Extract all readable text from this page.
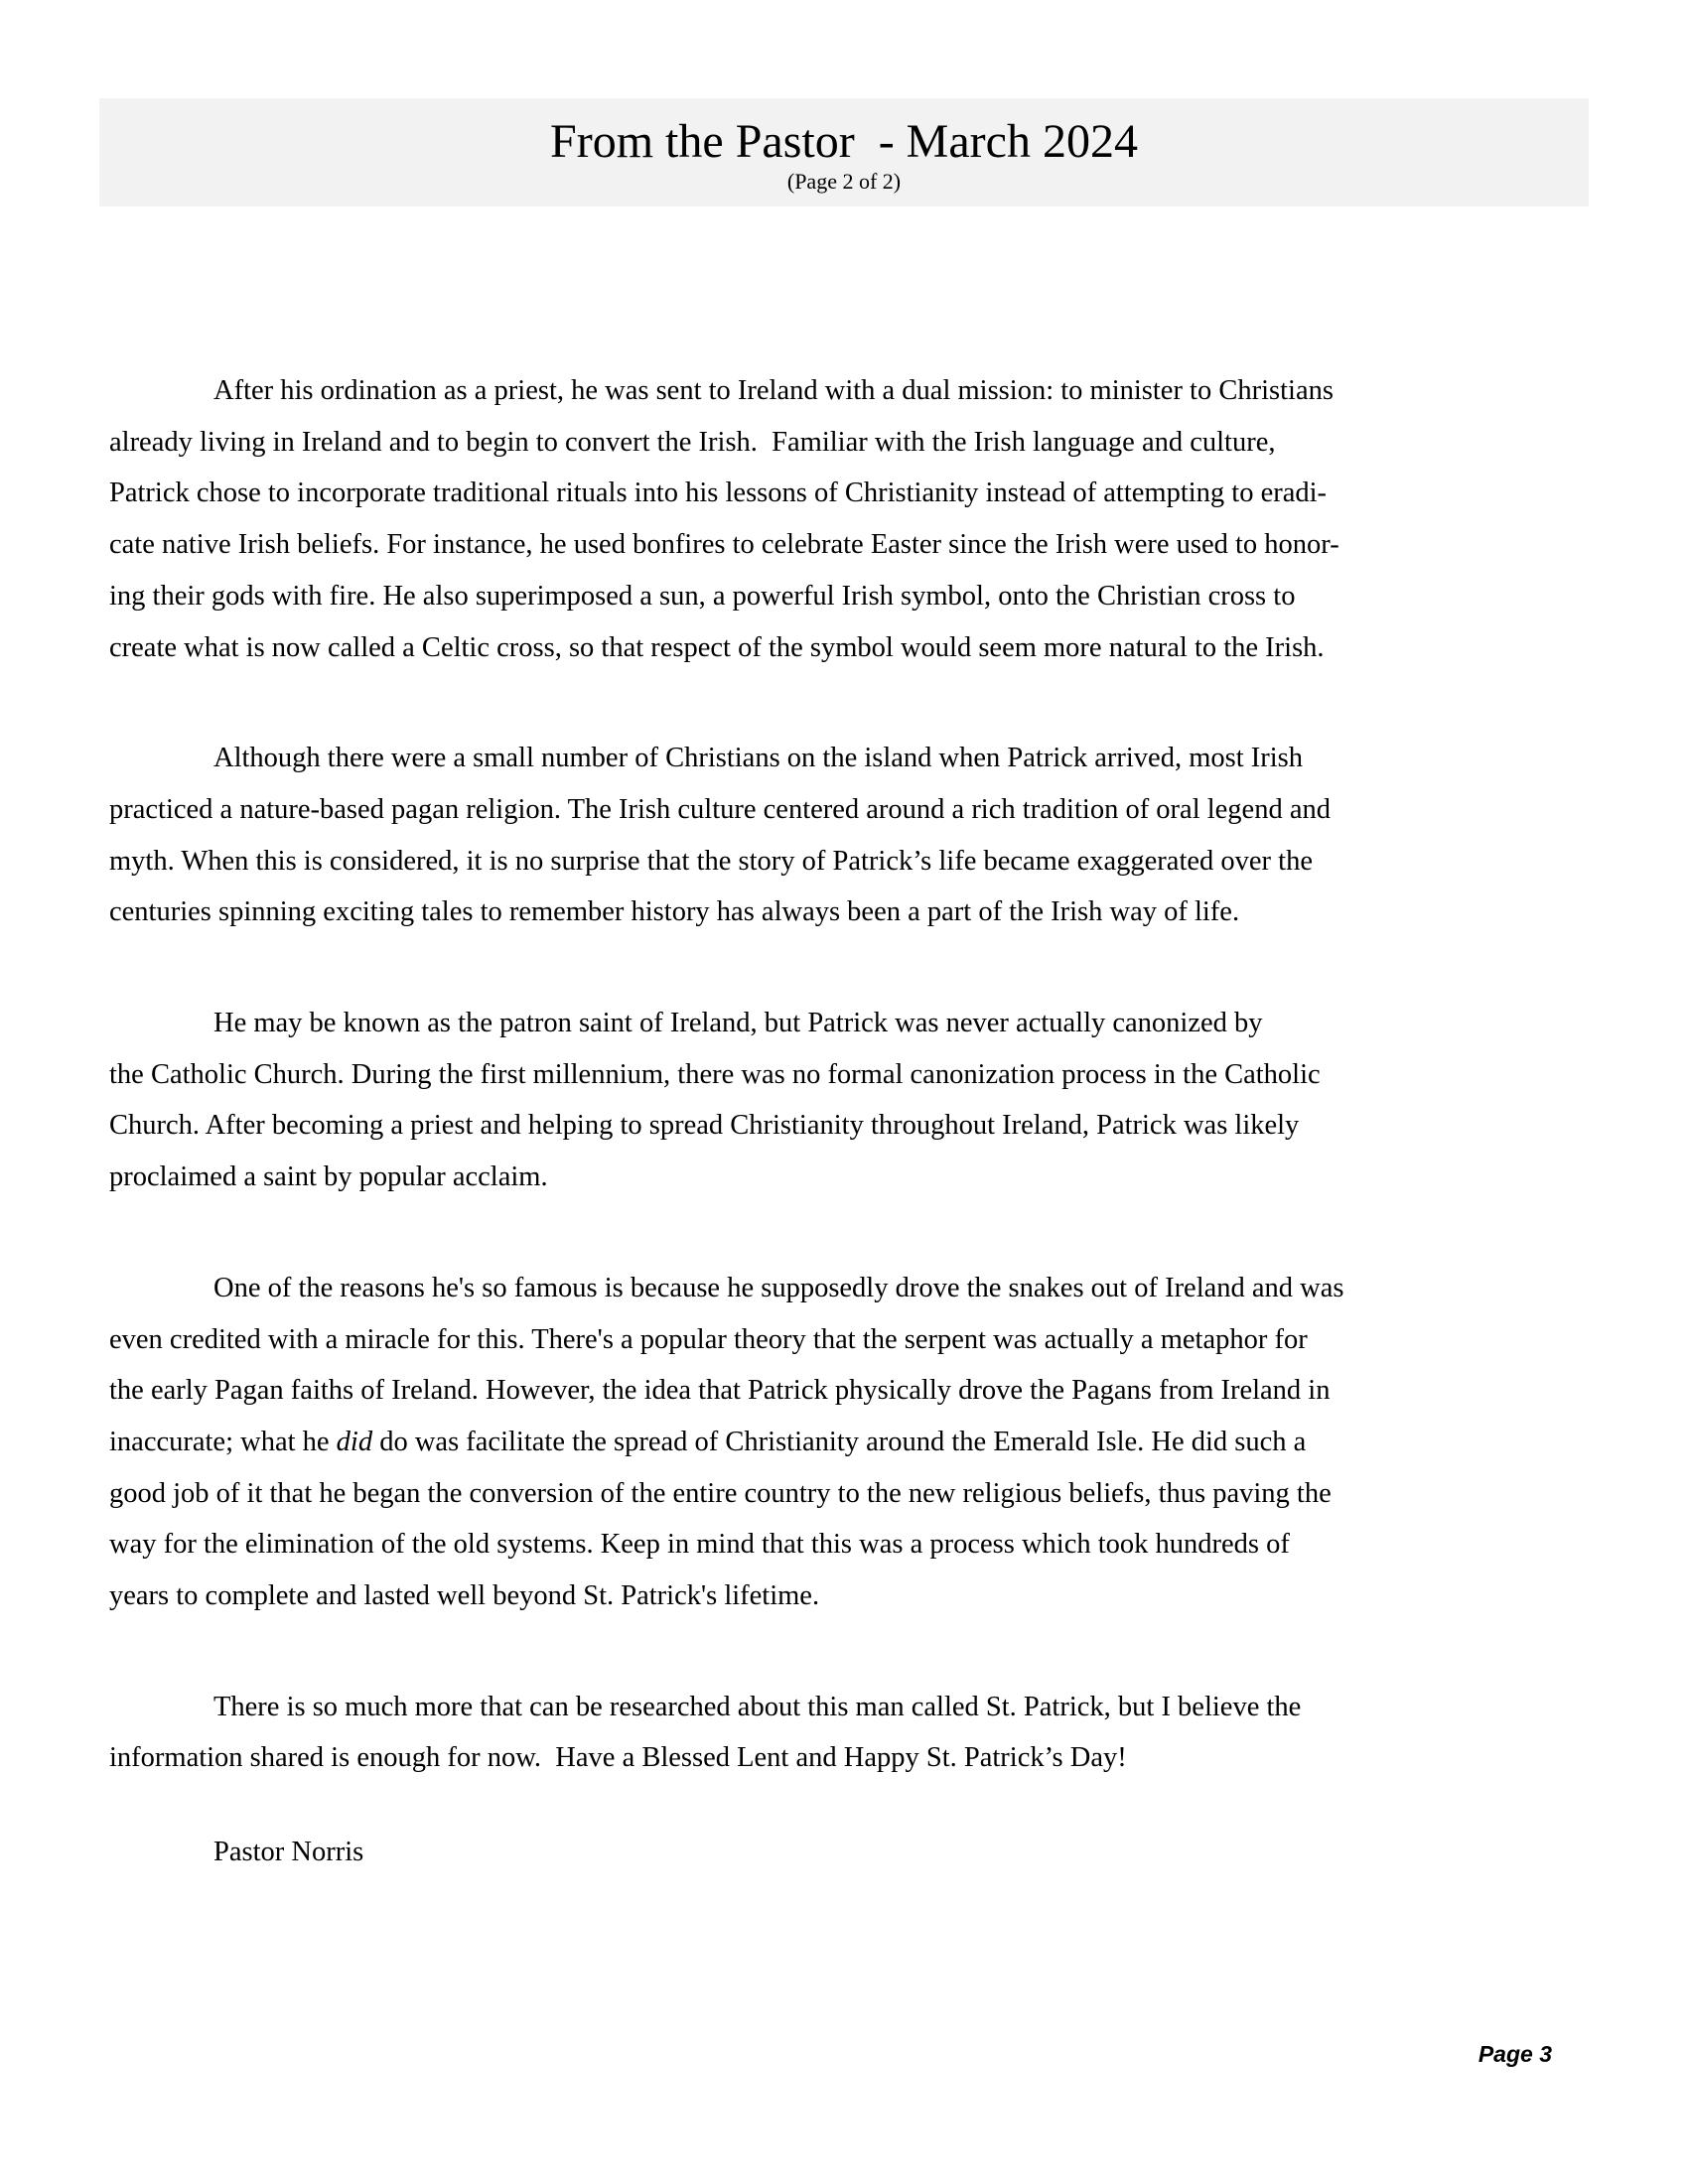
From the Pastor  - March 2024
(Page 2 of 2)

After his ordination as a priest, he was sent to Ireland with a dual mission: to minister to Christians
already living in Ireland and to begin to convert the Irish.  Familiar with the Irish language and culture,
Patrick chose to incorporate traditional rituals into his lessons of Christianity instead of attempting to eradi-
cate native Irish beliefs. For instance, he used bonfires to celebrate Easter since the Irish were used to honor-
ing their gods with fire. He also superimposed a sun, a powerful Irish symbol, onto the Christian cross to
create what is now called a Celtic cross, so that respect of the symbol would seem more natural to the Irish.

Although there were a small number of Christians on the island when Patrick arrived, most Irish
practiced a nature-based pagan religion. The Irish culture centered around a rich tradition of oral legend and
myth. When this is considered, it is no surprise that the story of Patrick’s life became exaggerated over the
centuries spinning exciting tales to remember history has always been a part of the Irish way of life.

He may be known as the patron saint of Ireland, but Patrick was never actually canonized by
the Catholic Church. During the first millennium, there was no formal canonization process in the Catholic
Church. After becoming a priest and helping to spread Christianity throughout Ireland, Patrick was likely
proclaimed a saint by popular acclaim.

One of the reasons he's so famous is because he supposedly drove the snakes out of Ireland and was
even credited with a miracle for this. There's a popular theory that the serpent was actually a metaphor for
the early Pagan faiths of Ireland. However, the idea that Patrick physically drove the Pagans from Ireland in
inaccurate; what he did do was facilitate the spread of Christianity around the Emerald Isle. He did such a
good job of it that he began the conversion of the entire country to the new religious beliefs, thus paving the
way for the elimination of the old systems. Keep in mind that this was a process which took hundreds of
years to complete and lasted well beyond St. Patrick's lifetime.

There is so much more that can be researched about this man called St. Patrick, but I believe the
information shared is enough for now.  Have a Blessed Lent and Happy St. Patrick’s Day!

Pastor Norris
Page 3
